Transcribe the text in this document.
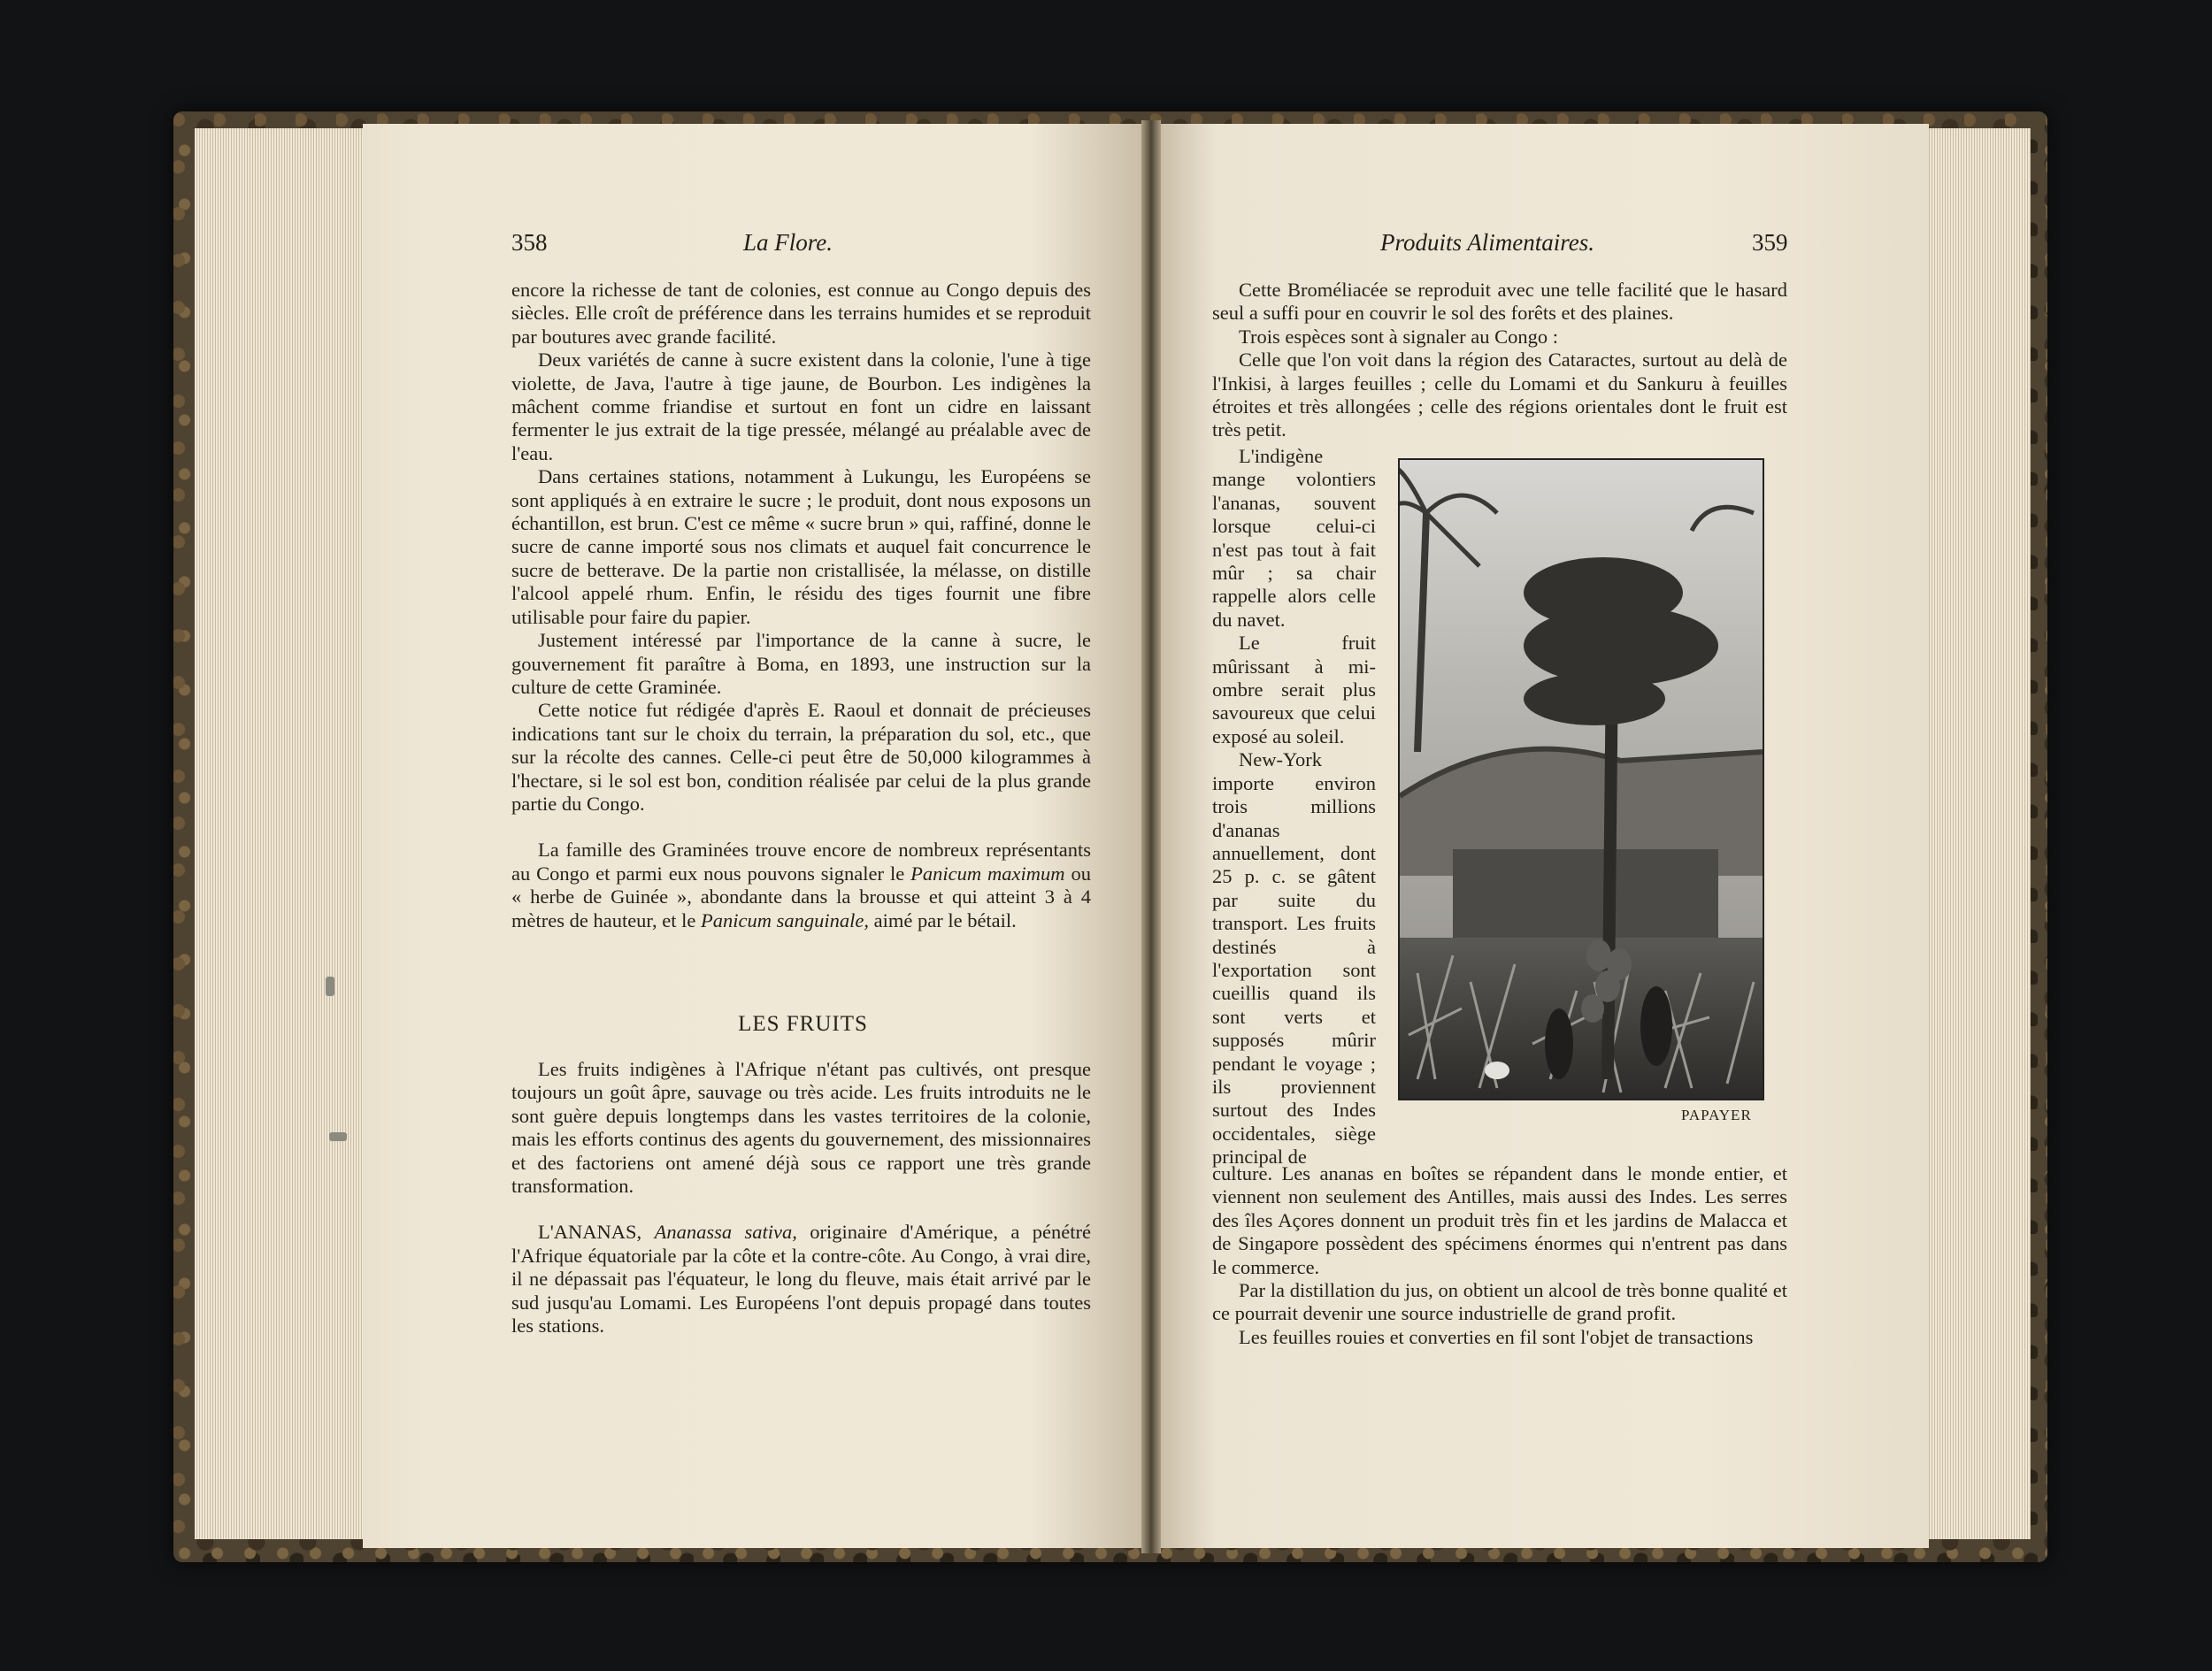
358	La Flore.

encore la richesse de tant de colonies, est connue au Congo depuis des siècles. Elle croît de préférence dans les terrains humides et se reproduit par boutures avec grande facilité.

Deux variétés de canne à sucre existent dans la colonie, l'une à tige violette, de Java, l'autre à tige jaune, de Bourbon. Les indigènes la mâchent comme friandise et surtout en font un cidre en laissant fermenter le jus extrait de la tige pressée, mélangé au préalable avec de l'eau.

Dans certaines stations, notamment à Lukungu, les Européens se sont appliqués à en extraire le sucre ; le produit, dont nous exposons un échantillon, est brun. C'est ce même « sucre brun » qui, raffiné, donne le sucre de canne importé sous nos climats et auquel fait concurrence le sucre de betterave. De la partie non cristallisée, la mélasse, on distille l'alcool appelé rhum. Enfin, le résidu des tiges fournit une fibre utilisable pour faire du papier.

Justement intéressé par l'importance de la canne à sucre, le gouvernement fit paraître à Boma, en 1893, une instruction sur la culture de cette Graminée.

Cette notice fut rédigée d'après E. Raoul et donnait de précieuses indications tant sur le choix du terrain, la préparation du sol, etc., que sur la récolte des cannes. Celle-ci peut être de 50,000 kilogrammes à l'hectare, si le sol est bon, condition réalisée par celui de la plus grande partie du Congo.

La famille des Graminées trouve encore de nombreux représentants au Congo et parmi eux nous pouvons signaler le Panicum maximum ou « herbe de Guinée », abondante dans la brousse et qui atteint 3 à 4 mètres de hauteur, et le Panicum sanguinale, aimé par le bétail.

LES FRUITS

Les fruits indigènes à l'Afrique n'étant pas cultivés, ont presque toujours un goût âpre, sauvage ou très acide. Les fruits introduits ne le sont guère depuis longtemps dans les vastes territoires de la colonie, mais les efforts continus des agents du gouvernement, des missionnaires et des factoriens ont amené déjà sous ce rapport une très grande transformation.

L'ANANAS, Ananassa sativa, originaire d'Amérique, a pénétré l'Afrique équatoriale par la côte et la contre-côte. Au Congo, à vrai dire, il ne dépassait pas l'équateur, le long du fleuve, mais était arrivé par le sud jusqu'au Lomami. Les Européens l'ont depuis propagé dans toutes les stations.

Produits Alimentaires.	359

Cette Broméliacée se reproduit avec une telle facilité que le hasard seul a suffi pour en couvrir le sol des forêts et des plaines.

Trois espèces sont à signaler au Congo :

Celle que l'on voit dans la région des Cataractes, surtout au delà de l'Inkisi, à larges feuilles ; celle du Lomami et du Sankuru à feuilles étroites et très allongées ; celle des régions orientales dont le fruit est très petit.

L'indigène mange volontiers l'ananas, souvent lorsque celui-ci n'est pas tout à fait mûr ; sa chair rappelle alors celle du navet.

Le fruit mûrissant à mi-ombre serait plus savoureux que celui exposé au soleil.

New-York importe environ trois millions d'ananas annuellement, dont 25 p. c. se gâtent par suite du transport. Les fruits destinés à l'exportation sont cueillis quand ils sont verts et supposés mûrir pendant le voyage ; ils proviennent surtout des Indes occidentales, siège principal de

PAPAYER

culture. Les ananas en boîtes se répandent dans le monde entier, et viennent non seulement des Antilles, mais aussi des Indes. Les serres des îles Açores donnent un produit très fin et les jardins de Malacca et de Singapore possèdent des spécimens énormes qui n'entrent pas dans le commerce.

Par la distillation du jus, on obtient un alcool de très bonne qualité et ce pourrait devenir une source industrielle de grand profit.

Les feuilles rouies et converties en fil sont l'objet de transactions
